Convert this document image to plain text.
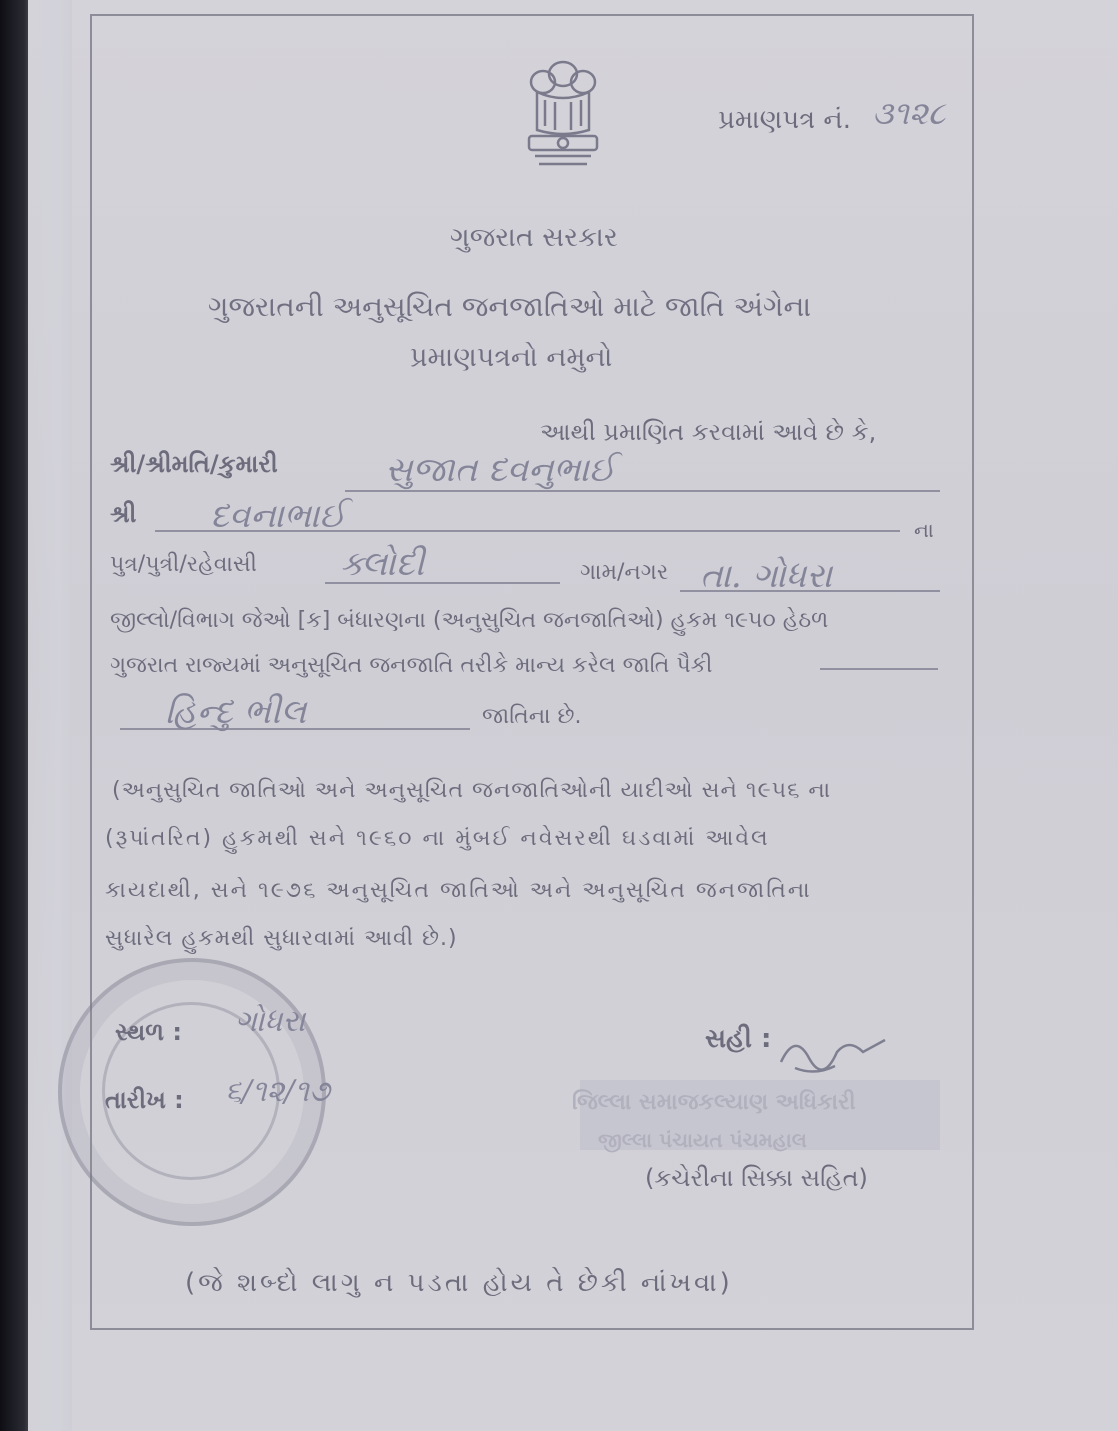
પ્રમાણપત્ર નં. ૩૧૨૮
ગુજરાત સરકાર
ગુજરાતની અનુસૂચિત જનજાતિઓ માટે જાતિ અંગેના
પ્રમાણપત્રનો નમુનો
આથી પ્રમાણિત કરવામાં આવે છે કે,
શ્રી/શ્રીમતિ/કુમારી	સુજાત દવનુભાઈ
શ્રી દવનાભાઈ	ના
પુત્ર/પુત્રી/રહેવાસી ક્લોદી	ગામ/નગર તા. ગોધરા
જીલ્લો/વિભાગ જેઓ [ક] બંધારણના (અનુસુચિત જનજાતિઓ) હુકમ ૧૯૫૦ હેઠળ
ગુજરાત રાજ્યમાં અનુસૂચિત જનજાતિ તરીકે માન્ય કરેલ જાતિ પૈકી
હિન્દુ ભીલ	જાતિના છે.
(અનુસુચિત જાતિઓ અને અનુસૂચિત જનજાતિઓની યાદીઓ સને ૧૯૫૬ ના
(રૂપાંતરિત) હુકમથી સને ૧૯૬૦ ના મુંબઈ નવેસરથી ઘડવામાં આવેલ
કાયદાથી, સને ૧૯૭૬ અનુસૂચિત જાતિઓ અને અનુસૂચિત જનજાતિના
સુધારેલ હુકમથી સુધારવામાં આવી છે.)
સ્થળ : ગોધરા
તારીખ : ૬/૧૨/૧૭
સહી :
જિલ્લા સમાજકલ્યાણ અધિકારી
જીલ્લા પંચાયત પંચમહાલ
(કચેરીના સિક્કા સહિત)
(જે શબ્દો લાગુ ન પડતા હોય તે છેકી નાંખવા)
